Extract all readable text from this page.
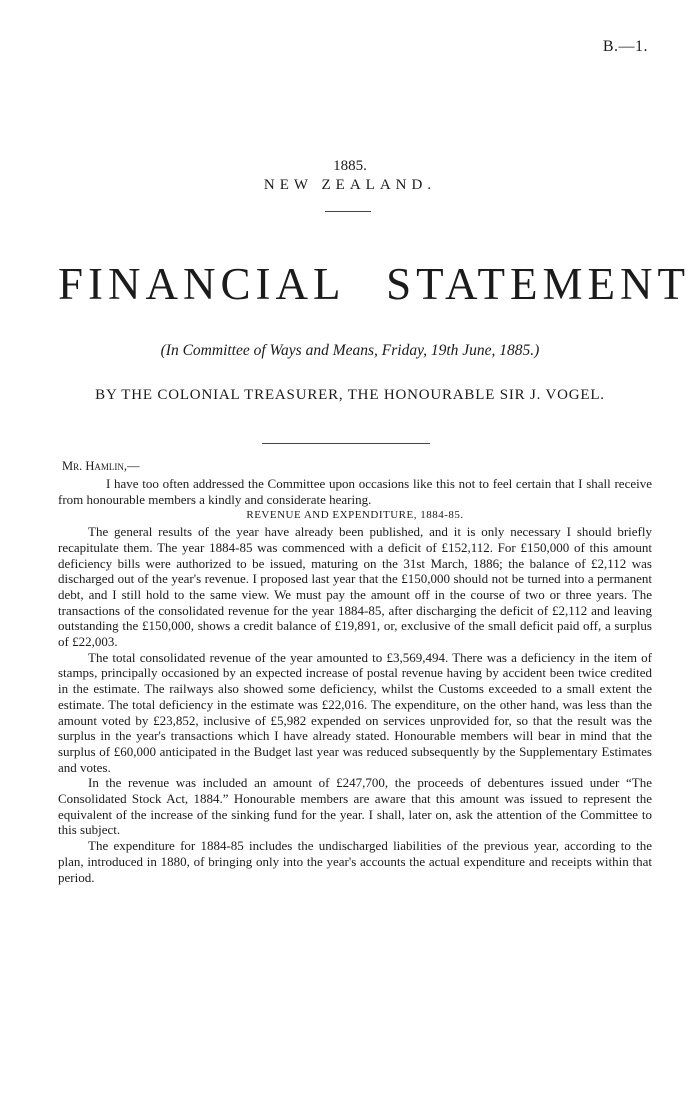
B.—1.
1885.
NEW ZEALAND.
FINANCIAL STATEMENT
(In Committee of Ways and Means, Friday, 19th June, 1885.)
BY THE COLONIAL TREASURER, THE HONOURABLE SIR J. VOGEL.
Mr. Hamlin,—

I have too often addressed the Committee upon occasions like this not to feel certain that I shall receive from honourable members a kindly and considerate hearing.

REVENUE AND EXPENDITURE, 1884-85.

The general results of the year have already been published, and it is only necessary I should briefly recapitulate them. The year 1884-85 was commenced with a deficit of £152,112. For £150,000 of this amount deficiency bills were authorized to be issued, maturing on the 31st March, 1886; the balance of £2,112 was discharged out of the year's revenue. I proposed last year that the £150,000 should not be turned into a permanent debt, and I still hold to the same view. We must pay the amount off in the course of two or three years. The transactions of the consolidated revenue for the year 1884-85, after discharging the deficit of £2,112 and leaving outstanding the £150,000, shows a credit balance of £19,891, or, exclusive of the small deficit paid off, a surplus of £22,003.

The total consolidated revenue of the year amounted to £3,569,494. There was a deficiency in the item of stamps, principally occasioned by an expected increase of postal revenue having by accident been twice credited in the estimate. The railways also showed some deficiency, whilst the Customs exceeded to a small extent the estimate. The total deficiency in the estimate was £22,016. The expenditure, on the other hand, was less than the amount voted by £23,852, inclusive of £5,982 expended on services unprovided for, so that the result was the surplus in the year's transactions which I have already stated. Honourable members will bear in mind that the surplus of £60,000 anticipated in the Budget last year was reduced subsequently by the Supplementary Estimates and votes.

In the revenue was included an amount of £247,700, the proceeds of debentures issued under “The Consolidated Stock Act, 1884.” Honourable members are aware that this amount was issued to represent the equivalent of the increase of the sinking fund for the year. I shall, later on, ask the attention of the Committee to this subject.

The expenditure for 1884-85 includes the undischarged liabilities of the previous year, according to the plan, introduced in 1880, of bringing only into the year's accounts the actual expenditure and receipts within that period.
